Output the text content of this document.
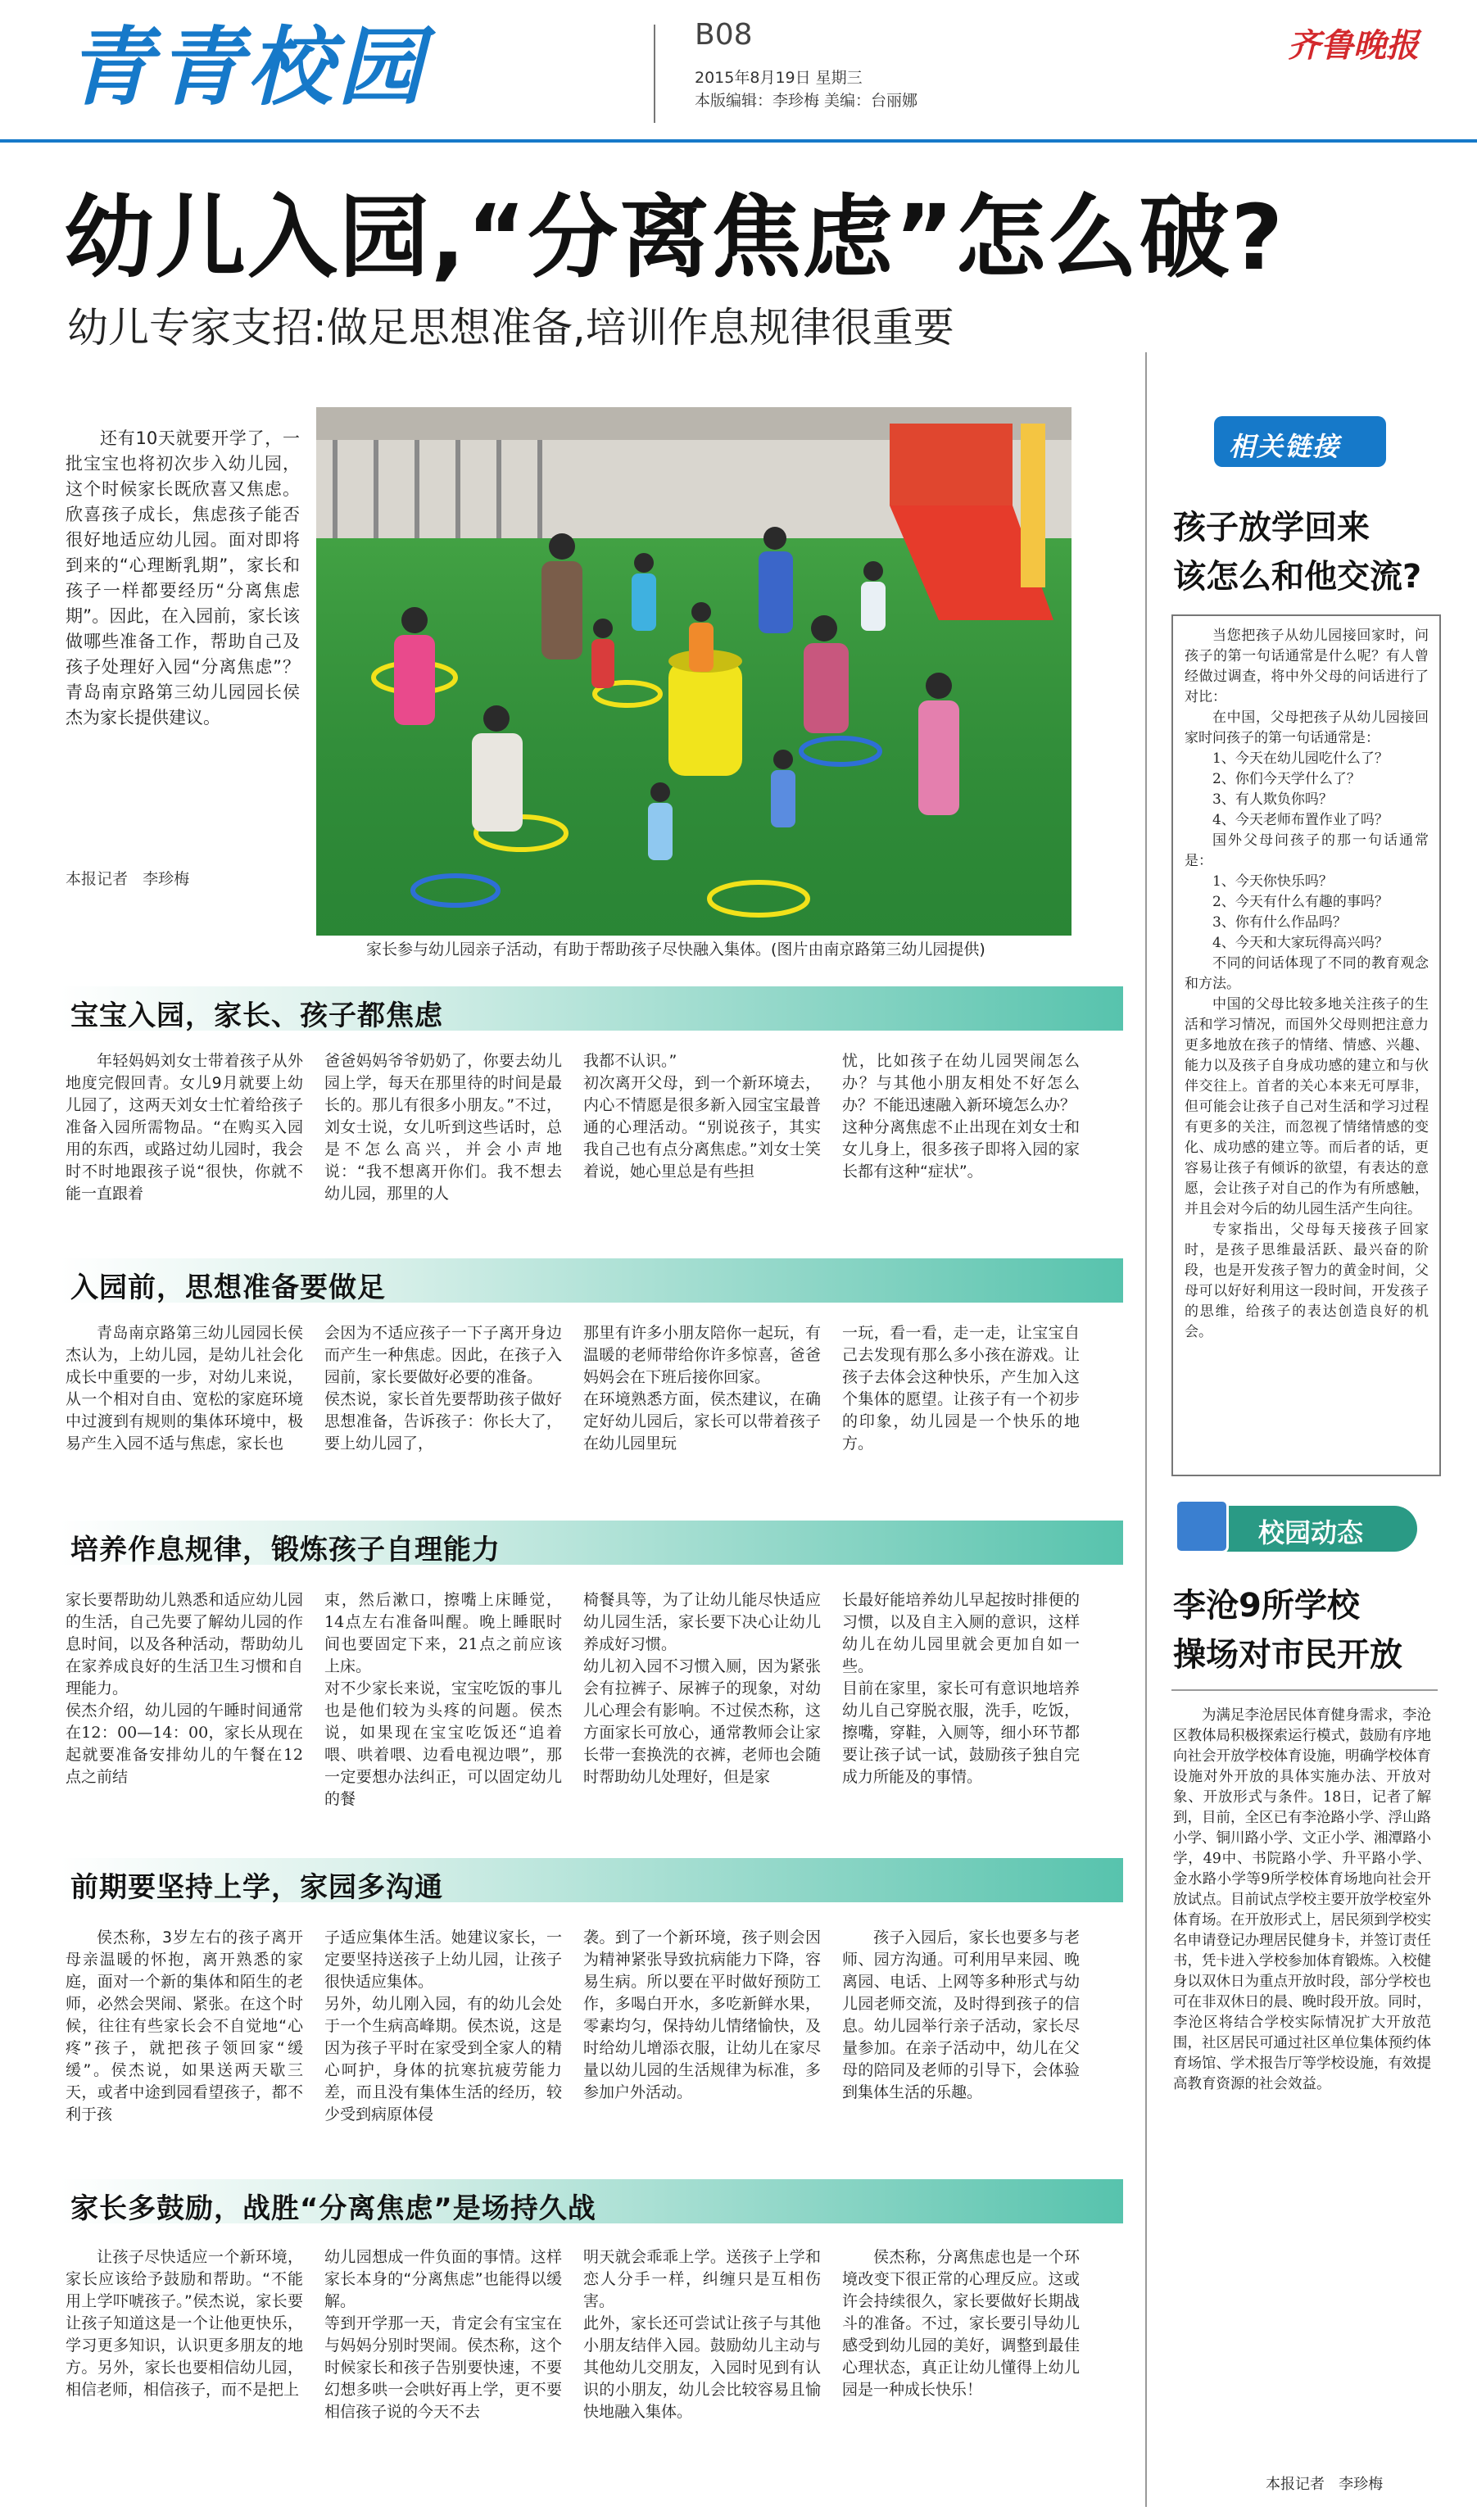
青青校园	B08
2015年8月19日 星期三
本版编辑：李珍梅 美编：台丽娜
齐鲁晚报
幼儿入园,“分离焦虑”怎么破?
幼儿专家支招:做足思想准备,培训作息规律很重要
还有10天就要开学了，一批宝宝也将初次步入幼儿园，这个时候家长既欣喜又焦虑。欣喜孩子成长，焦虑孩子能否很好地适应幼儿园。面对即将到来的“心理断乳期”，家长和孩子一样都要经历“分离焦虑期”。因此，在入园前，家长该做哪些准备工作，帮助自己及孩子处理好入园“分离焦虑”？青岛南京路第三幼儿园园长侯杰为家长提供建议。
本报记者   李珍梅
家长参与幼儿园亲子活动，有助于帮助孩子尽快融入集体。(图片由南京路第三幼儿园提供)
宝宝入园，家长、孩子都焦虑
年轻妈妈刘女士带着孩子从外地度完假回青。女儿9月就要上幼儿园了，这两天刘女士忙着给孩子准备入园所需物品。“在购买入园用的东西，或路过幼儿园时，我会时不时地跟孩子说“很快，你就不能一直跟着
爸爸妈妈爷爷奶奶了，你要去幼儿园上学，每天在那里待的时间是最长的。那儿有很多小朋友。”不过，刘女士说，女儿听到这些话时，总是不怎么高兴，并会小声地说：“我不想离开你们。我不想去幼儿园，那里的人
我都不认识。”
初次离开父母，到一个新环境去，内心不情愿是很多新入园宝宝最普通的心理活动。“别说孩子，其实我自己也有点分离焦虑。”刘女士笑着说，她心里总是有些担
忧，比如孩子在幼儿园哭闹怎么办？与其他小朋友相处不好怎么办？不能迅速融入新环境怎么办？
这种分离焦虑不止出现在刘女士和女儿身上，很多孩子即将入园的家长都有这种“症状”。
入园前，思想准备要做足
青岛南京路第三幼儿园园长侯杰认为，上幼儿园，是幼儿社会化成长中重要的一步，对幼儿来说，从一个相对自由、宽松的家庭环境中过渡到有规则的集体环境中，极易产生入园不适与焦虑，家长也
会因为不适应孩子一下子离开身边而产生一种焦虑。因此，在孩子入园前，家长要做好必要的准备。
侯杰说，家长首先要帮助孩子做好思想准备，告诉孩子：你长大了，要上幼儿园了，
那里有许多小朋友陪你一起玩，有温暖的老师带给你许多惊喜，爸爸妈妈会在下班后接你回家。
在环境熟悉方面，侯杰建议，在确定好幼儿园后，家长可以带着孩子在幼儿园里玩
一玩，看一看，走一走，让宝宝自己去发现有那么多小孩在游戏。让孩子去体会这种快乐，产生加入这个集体的愿望。让孩子有一个初步的印象，幼儿园是一个快乐的地方。
培养作息规律，锻炼孩子自理能力
家长要帮助幼儿熟悉和适应幼儿园的生活，自己先要了解幼儿园的作息时间，以及各种活动，帮助幼儿在家养成良好的生活卫生习惯和自理能力。
侯杰介绍，幼儿园的午睡时间通常在12：00—14：00，家长从现在起就要准备安排幼儿的午餐在12点之前结
束，然后漱口，擦嘴上床睡觉，14点左右准备叫醒。晚上睡眠时间也要固定下来，21点之前应该上床。
对不少家长来说，宝宝吃饭的事儿也是他们较为头疼的问题。侯杰说，如果现在宝宝吃饭还“追着喂、哄着喂、边看电视边喂”，那一定要想办法纠正，可以固定幼儿的餐
椅餐具等，为了让幼儿能尽快适应幼儿园生活，家长要下决心让幼儿养成好习惯。
幼儿初入园不习惯入厕，因为紧张会有拉裤子、尿裤子的现象，对幼儿心理会有影响。不过侯杰称，这方面家长可放心，通常教师会让家长带一套换洗的衣裤，老师也会随时帮助幼儿处理好，但是家
长最好能培养幼儿早起按时排便的习惯，以及自主入厕的意识，这样幼儿在幼儿园里就会更加自如一些。
目前在家里，家长可有意识地培养幼儿自己穿脱衣服，洗手，吃饭，擦嘴，穿鞋，入厕等，细小环节都要让孩子试一试，鼓励孩子独自完成力所能及的事情。
前期要坚持上学，家园多沟通
侯杰称，3岁左右的孩子离开母亲温暖的怀抱，离开熟悉的家庭，面对一个新的集体和陌生的老师，必然会哭闹、紧张。在这个时候，往往有些家长会不自觉地“心疼”孩子，就把孩子领回家“缓缓”。侯杰说，如果送两天歇三天，或者中途到园看望孩子，都不利于孩
子适应集体生活。她建议家长，一定要坚持送孩子上幼儿园，让孩子很快适应集体。
另外，幼儿刚入园，有的幼儿会处于一个生病高峰期。侯杰说，这是因为孩子平时在家受到全家人的精心呵护，身体的抗寒抗疲劳能力差，而且没有集体生活的经历，较少受到病原体侵
袭。到了一个新环境，孩子则会因为精神紧张导致抗病能力下降，容易生病。所以要在平时做好预防工作，多喝白开水，多吃新鲜水果，零素均匀，保持幼儿情绪愉快，及时给幼儿增添衣服，让幼儿在家尽量以幼儿园的生活规律为标准，多参加户外活动。
孩子入园后，家长也要多与老师、园方沟通。可利用早来园、晚离园、电话、上网等多种形式与幼儿园老师交流，及时得到孩子的信息。幼儿园举行亲子活动，家长尽量参加。在亲子活动中，幼儿在父母的陪同及老师的引导下，会体验到集体生活的乐趣。
家长多鼓励，战胜“分离焦虑”是场持久战
让孩子尽快适应一个新环境，家长应该给予鼓励和帮助。“不能用上学吓唬孩子。”侯杰说，家长要让孩子知道这是一个让他更快乐，学习更多知识，认识更多朋友的地方。另外，家长也要相信幼儿园，相信老师，相信孩子，而不是把上
幼儿园想成一件负面的事情。这样家长本身的“分离焦虑”也能得以缓解。
等到开学那一天，肯定会有宝宝在与妈妈分别时哭闹。侯杰称，这个时候家长和孩子告别要快速，不要幻想多哄一会哄好再上学，更不要相信孩子说的今天不去
明天就会乖乖上学。送孩子上学和恋人分手一样，纠缠只是互相伤害。
此外，家长还可尝试让孩子与其他小朋友结伴入园。鼓励幼儿主动与其他幼儿交朋友，入园时见到有认识的小朋友，幼儿会比较容易且愉快地融入集体。
侯杰称，分离焦虑也是一个环境改变下很正常的心理反应。这或许会持续很久，家长要做好长期战斗的准备。不过，家长要引导幼儿感受到幼儿园的美好，调整到最佳心理状态，真正让幼儿懂得上幼儿园是一种成长快乐！
相关链接
孩子放学回来
该怎么和他交流?

当您把孩子从幼儿园接回家时，问孩子的第一句话通常是什么呢？有人曾经做过调查，将中外父母的问话进行了对比：

在中国，父母把孩子从幼儿园接回家时问孩子的第一句话通常是：

1、今天在幼儿园吃什么了？

2、你们今天学什么了？

3、有人欺负你吗？

4、今天老师布置作业了吗？

国外父母问孩子的那一句话通常是：

1、今天你快乐吗？

2、今天有什么有趣的事吗？

3、你有什么作品吗？

4、今天和大家玩得高兴吗？

不同的问话体现了不同的教育观念和方法。

中国的父母比较多地关注孩子的生活和学习情况，而国外父母则把注意力更多地放在孩子的情绪、情感、兴趣、能力以及孩子自身成功感的建立和与伙伴交往上。首者的关心本来无可厚非，但可能会让孩子自己对生活和学习过程有更多的关注，而忽视了情绪情感的变化、成功感的建立等。而后者的话，更容易让孩子有倾诉的欲望，有表达的意愿，会让孩子对自己的作为有所感触，并且会对今后的幼儿园生活产生向往。

专家指出，父母每天接孩子回家时，是孩子思维最活跃、最兴奋的阶段，也是开发孩子智力的黄金时间，父母可以好好利用这一段时间，开发孩子的思维，给孩子的表达创造良好的机会。

校园动态
李沧9所学校
操场对市民开放
为满足李沧居民体育健身需求，李沧区教体局积极探索运行模式，鼓励有序地向社会开放学校体育设施，明确学校体育设施对外开放的具体实施办法、开放对象、开放形式与条件。18日，记者了解到，目前，全区已有李沧路小学、浮山路小学、铜川路小学、文正小学、湘潭路小学，49中、书院路小学、升平路小学、金水路小学等9所学校体育场地向社会开放试点。目前试点学校主要开放学校室外体育场。在开放形式上，居民须到学校实名申请登记办理居民健身卡，并签订责任书，凭卡进入学校参加体育锻炼。入校健身以双休日为重点开放时段，部分学校也可在非双休日的晨、晚时段开放。同时，李沧区将结合学校实际情况扩大开放范围，社区居民可通过社区单位集体预约体育场馆、学术报告厅等学校设施，有效提高教育资源的社会效益。
本报记者   李珍梅
